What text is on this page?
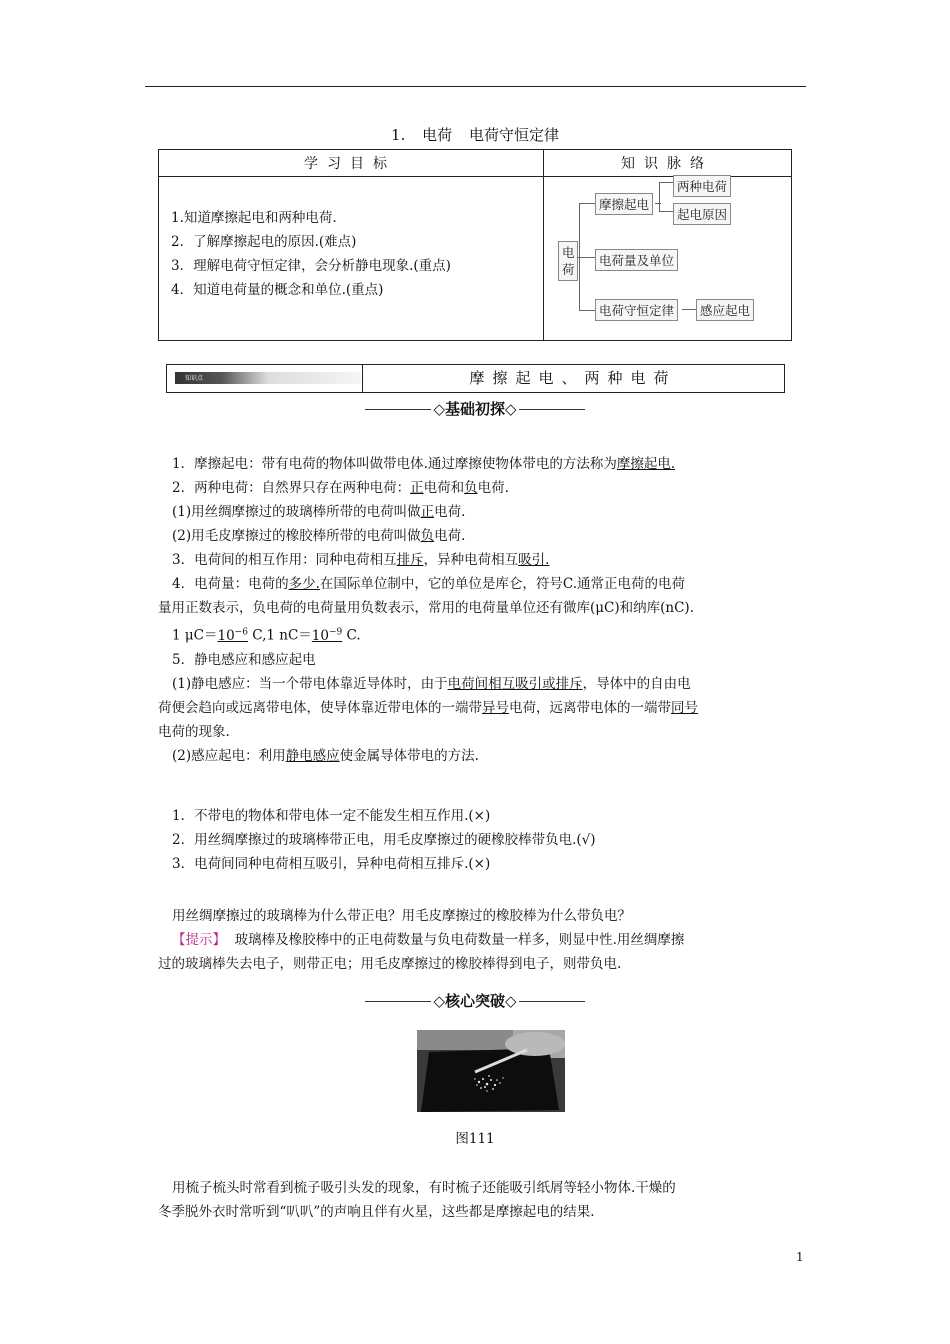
1. 电荷 电荷守恒定律
学习目标	知识脉络
1.知道摩擦起电和两种电荷.
2．了解摩擦起电的原因.(难点)
3．理解电荷守恒定律，会分析静电现象.(重点)
4．知道电荷量的概念和单位.(重点)
电荷
摩擦起电
电荷量及单位
电荷守恒定律
两种电荷
起电原因
感应起电
知识点	摩擦起电、两种电荷
◇基础初探◇
1．摩擦起电：带有电荷的物体叫做带电体.通过摩擦使物体带电的方法称为摩擦起电.
2．两种电荷：自然界只存在两种电荷：正电荷和负电荷.
(1)用丝绸摩擦过的玻璃棒所带的电荷叫做正电荷.
(2)用毛皮摩擦过的橡胶棒所带的电荷叫做负电荷.
3．电荷间的相互作用：同种电荷相互排斥，异种电荷相互吸引.
4．电荷量：电荷的多少.在国际单位制中，它的单位是库仑，符号C.通常正电荷的电荷
量用正数表示，负电荷的电荷量用负数表示，常用的电荷量单位还有微库(μC)和纳库(nC).
1 $\mu C=10^{-6}$ C,1 $nC=10^{-9}$ C.
5．静电感应和感应起电
(1)静电感应：当一个带电体靠近导体时，由于电荷间相互吸引或排斥，导体中的自由电
荷便会趋向或远离带电体，使导体靠近带电体的一端带异号电荷，远离带电体的一端带同号
电荷的现象.
(2)感应起电：利用静电感应使金属导体带电的方法.
1．不带电的物体和带电体一定不能发生相互作用.(×)
2．用丝绸摩擦过的玻璃棒带正电，用毛皮摩擦过的硬橡胶棒带负电.(√)
3．电荷间同种电荷相互吸引，异种电荷相互排斥.(×)
用丝绸摩擦过的玻璃棒为什么带正电？用毛皮摩擦过的橡胶棒为什么带负电？
【提示】 玻璃棒及橡胶棒中的正电荷数量与负电荷数量一样多，则显中性.用丝绸摩擦
过的玻璃棒失去电子，则带正电；用毛皮摩擦过的橡胶棒得到电子，则带负电.
◇核心突破◇
图111
用梳子梳头时常看到梳子吸引头发的现象，有时梳子还能吸引纸屑等轻小物体.干燥的
冬季脱外衣时常听到“叭叭”的声响且伴有火星，这些都是摩擦起电的结果.
1
